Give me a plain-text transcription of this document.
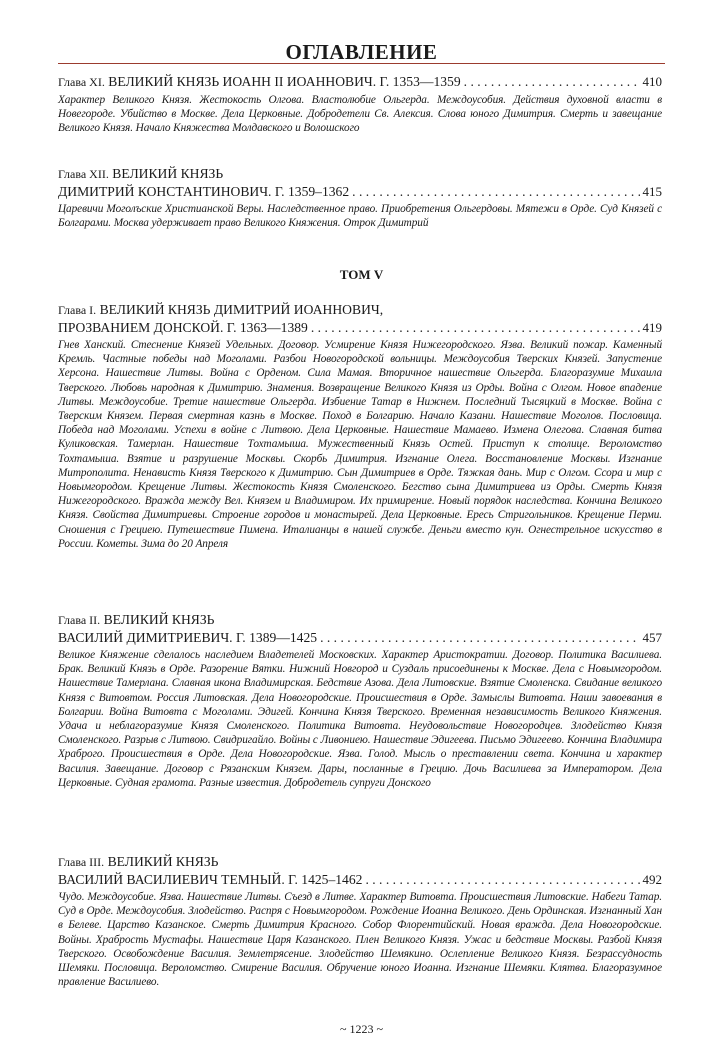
ОГЛАВЛЕНИЕ
Глава XI. ВЕЛИКИЙ КНЯЗЬ ИОАНН II ИОАННОВИЧ. Г. 1353—1359 . . .	410
Характер Великого Князя. Жестокость Олгова. Властолюбие Ольгерда. Междоусобия. Действия духовной власти в Новегороде. Убийство в Москве. Дела Церковные. Добродетели Св. Алексия. Слова юного Димитрия. Смерть и завещание Великого Князя. Начало Княжества Молдавского и Волошского
Глава XII. ВЕЛИКИЙ КНЯЗЬ
ДИМИТРИЙ КОНСТАНТИНОВИЧ. Г. 1359–1362 . . .	415
Царевичи Моголъские Христианской Веры. Наследственное право. Приобретения Ольгердовы. Мятежи в Орде. Суд Князей с Болгарами. Москва удерживает право Великого Княжения. Отрок Димитрий
ТОМ V
Глава I. ВЕЛИКИЙ КНЯЗЬ ДИМИТРИЙ ИОАННОВИЧ,
ПРОЗВАНИЕМ ДОНСКОЙ. Г. 1363—1389 . . .	419
Гнев Ханский. Стеснение Князей Удельных. Договор. Усмирение Князя Нижегородского. Язва. Великий пожар. Каменный Кремль. Частные победы над Моголами. Разбои Новогородской вольницы. Междоусобия Тверских Князей. Запустение Херсона. Нашествие Литвы. Война с Орденом. Сила Мамая. Вторичное нашествие Ольгерда. Благоразумие Михаила Тверского. Любовь народная к Димитрию. Знамения. Возвращение Великого Князя из Орды. Война с Олгом. Новое впадение Литвы. Междоусобие. Третие нашествие Ольгерда. Избиение Татар в Нижнем. Последний Тысяцкий в Москве. Война с Тверским Князем. Первая смертная казнь в Москве. Поход в Болгарию. Начало Казани. Нашествие Моголов. Пословица. Победа над Моголами. Успехи в войне с Литвою. Дела Церковные. Нашествие Мамаево. Измена Олегова. Славная битва Куликовская. Тамерлан. Нашествие Тохтамыша. Мужественный Князь Остей. Приступ к столице. Вероломство Тохтамыша. Взятие и разрушение Москвы. Скорбь Димитрия. Изгнание Олега. Восстановление Москвы. Изгнание Митрополита. Ненависть Князя Тверского к Димитрию. Сын Димитриев в Орде. Тяжкая дань. Мир с Олгом. Ссора и мир с Новымгородом. Крещение Литвы. Жестокость Князя Смоленского. Бегство сына Димитриева из Орды. Смерть Князя Нижегородского. Вражда между Вел. Князем и Владимиром. Их примирение. Новый порядок наследства. Кончина Великого Князя. Свойства Димитриевы. Строение городов и монастырей. Дела Церковные. Ересь Стригольников. Крещение Перми. Сношения с Грециею. Путешествие Пимена. Италианцы в нашей службе. Деньги вместо кун. Огнестрельное искусство в России. Кометы. Зима до 20 Апреля
Глава II. ВЕЛИКИЙ КНЯЗЬ
ВАСИЛИЙ ДИМИТРИЕВИЧ. Г. 1389—1425 . . .	457
Великое Княжение сделалось наследием Владетелей Московских. Характер Аристократии. Договор. Политика Василиева. Брак. Великий Князь в Орде. Разорение Вятки. Нижний Новгород и Суздаль присоединены к Москве. Дела с Новымгородом. Нашествие Тамерлана. Славная икона Владимирская. Бедствие Азова. Дела Литовские. Взятие Смоленска. Свидание великого Князя с Витовтом. Россия Литовская. Дела Новогородские. Происшествия в Орде. Замыслы Витовта. Наши завоевания в Болгарии. Война Витовта с Моголами. Эдигей. Кончина Князя Тверского. Временная независимость Великого Княжения. Удача и неблагоразумие Князя Смоленского. Политика Витовта. Неудовольствие Новогородцев. Злодейство Князя Смоленского. Разрыв с Литвою. Свидригайло. Войны с Ливониею. Нашествие Эдигеева. Письмо Эдигеево. Кончина Владимира Храброго. Происшествия в Орде. Дела Новогородские. Язва. Голод. Мысль о преставлении света. Кончина и характер Василия. Завещание. Договор с Рязанским Князем. Дары, посланные в Грецию. Дочь Василиева за Императором. Дела Церковные. Судная грамота. Разные известия. Добродетель супруги Донского
Глава III. ВЕЛИКИЙ КНЯЗЬ
ВАСИЛИЙ ВАСИЛИЕВИЧ ТЕМНЫЙ. Г. 1425–1462 . . .	492
Чудо. Междоусобие. Язва. Нашествие Литвы. Съезд в Литве. Характер Витовта. Происшествия Литовские. Набеги Татар. Суд в Орде. Междоусобия. Злодейство. Распря с Новымгородом. Рождение Иоанна Великого. День Ординская. Изгнанный Хан в Белеве. Царство Казанское. Смерть Димитрия Красного. Собор Флорентийский. Новая вражда. Дела Новогородские. Войны. Храбрость Мустафы. Нашествие Царя Казанского. Плен Великого Князя. Ужас и бедствие Москвы. Разбой Князя Тверского. Освобождение Василия. Землетрясение. Злодейство Шемякино. Ослепление Великого Князя. Безрассудность Шемяки. Пословица. Вероломство. Смирение Василия. Обручение юного Иоанна. Изгнание Шемяки. Клятва. Благоразумное правление Василиево.
~ 1223 ~
